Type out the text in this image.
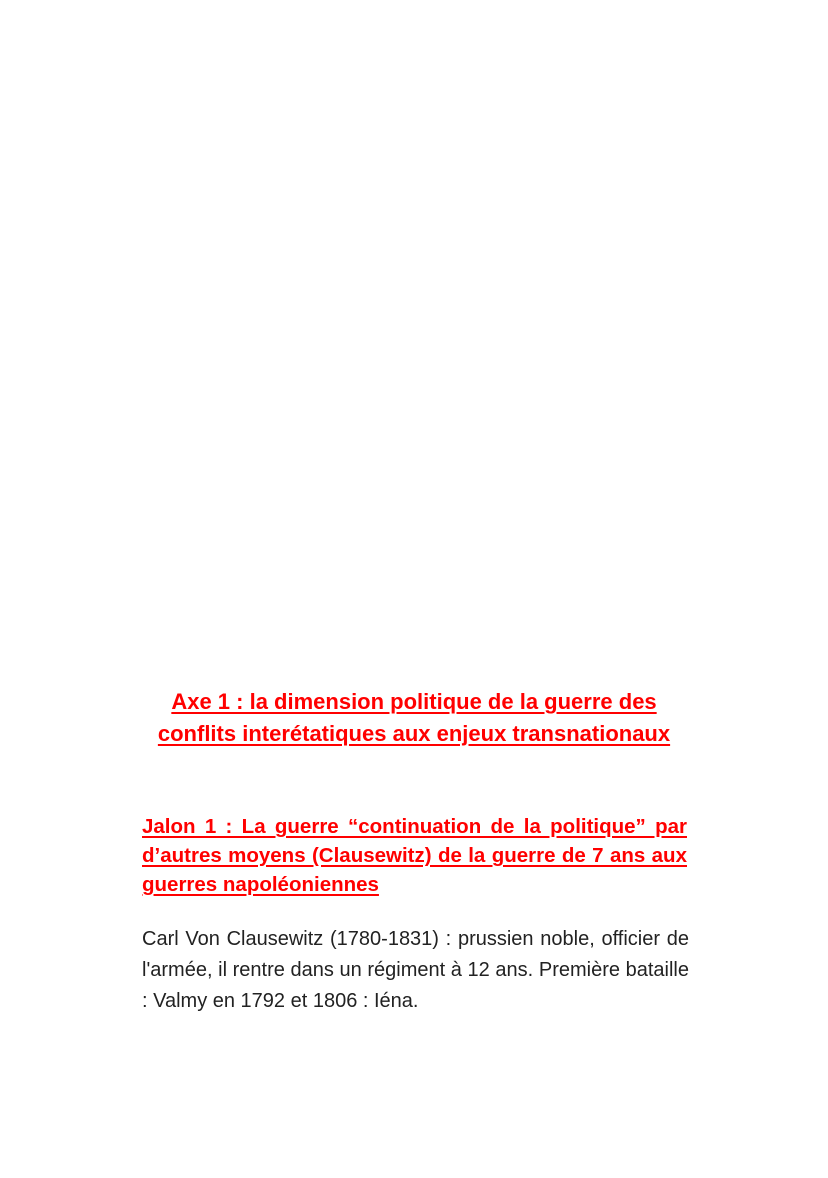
Axe 1 : la dimension politique de la guerre des conflits interétatiques aux enjeux transnationaux
Jalon 1 : La guerre “continuation de la politique” par d’autres moyens (Clausewitz) de la guerre de 7 ans aux guerres napoléoniennes

Carl Von Clausewitz (1780-1831) : prussien noble, officier de l'armée, il rentre dans un régiment à 12 ans. Première bataille : Valmy en 1792 et 1806 : Iéna.
